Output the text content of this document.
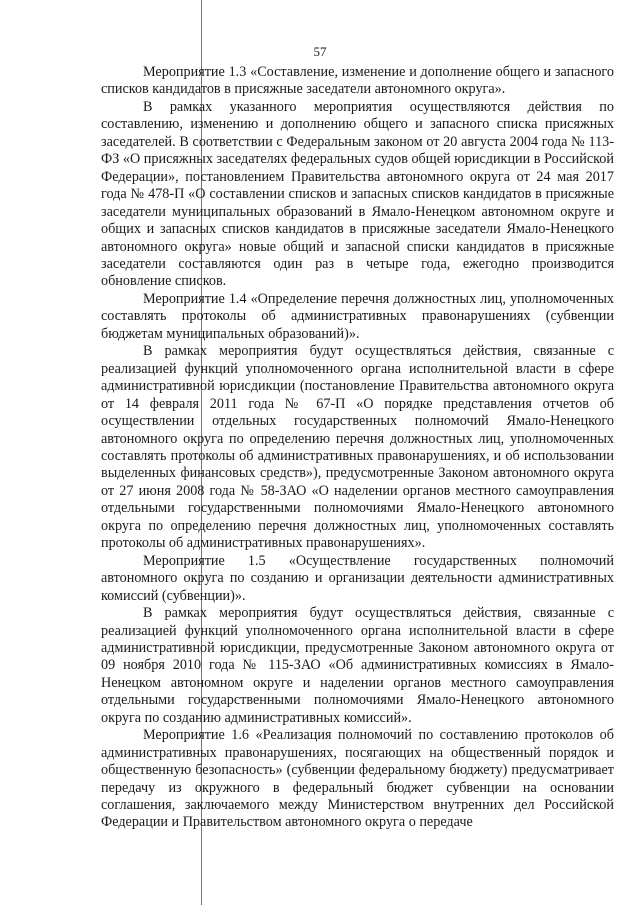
57

Мероприятие 1.3 «Составление, изменение и дополнение общего и запасного списков кандидатов в присяжные заседатели автономного округа».

В рамках указанного мероприятия осуществляются действия по составлению, изменению и дополнению общего и запасного списка присяжных заседателей. В соответствии с Федеральным законом от 20 августа 2004 года № 113-ФЗ «О присяжных заседателях федеральных судов общей юрисдикции в Российской Федерации», постановлением Правительства автономного округа от 24 мая 2017 года № 478-П «О составлении списков и запасных списков кандидатов в присяжные заседатели муниципальных образований в Ямало-Ненецком автономном округе и общих и запасных списков кандидатов в присяжные заседатели Ямало-Ненецкого автономного округа» новые общий и запасной списки кандидатов в присяжные заседатели составляются один раз в четыре года, ежегодно производится обновление списков.

Мероприятие 1.4 «Определение перечня должностных лиц, уполномоченных составлять протоколы об административных правонарушениях (субвенции бюджетам муниципальных образований)».

В рамках мероприятия будут осуществляться действия, связанные с реализацией функций уполномоченного органа исполнительной власти в сфере административной юрисдикции (постановление Правительства автономного округа от 14 февраля 2011 года № 67-П «О порядке представления отчетов об осуществлении отдельных государственных полномочий Ямало-Ненецкого автономного округа по определению перечня должностных лиц, уполномоченных составлять протоколы об административных правонарушениях, и об использовании выделенных финансовых средств»), предусмотренные Законом автономного округа от 27 июня 2008 года № 58-ЗАО «О наделении органов местного самоуправления отдельными государственными полномочиями Ямало-Ненецкого автономного округа по определению перечня должностных лиц, уполномоченных составлять протоколы об административных правонарушениях».

Мероприятие 1.5 «Осуществление государственных полномочий автономного округа по созданию и организации деятельности административных комиссий (субвенции)».

В рамках мероприятия будут осуществляться действия, связанные с реализацией функций уполномоченного органа исполнительной власти в сфере административной юрисдикции, предусмотренные Законом автономного округа от 09 ноября 2010 года № 115-ЗАО «Об административных комиссиях в Ямало-Ненецком автономном округе и наделении органов местного самоуправления отдельными государственными полномочиями Ямало-Ненецкого автономного округа по созданию административных комиссий».

Мероприятие 1.6 «Реализация полномочий по составлению протоколов об административных правонарушениях, посягающих на общественный порядок и общественную безопасность» (субвенции федеральному бюджету) предусматривает передачу из окружного в федеральный бюджет субвенции на основании соглашения, заключаемого между Министерством внутренних дел Российской Федерации и Правительством автономного округа о передаче
